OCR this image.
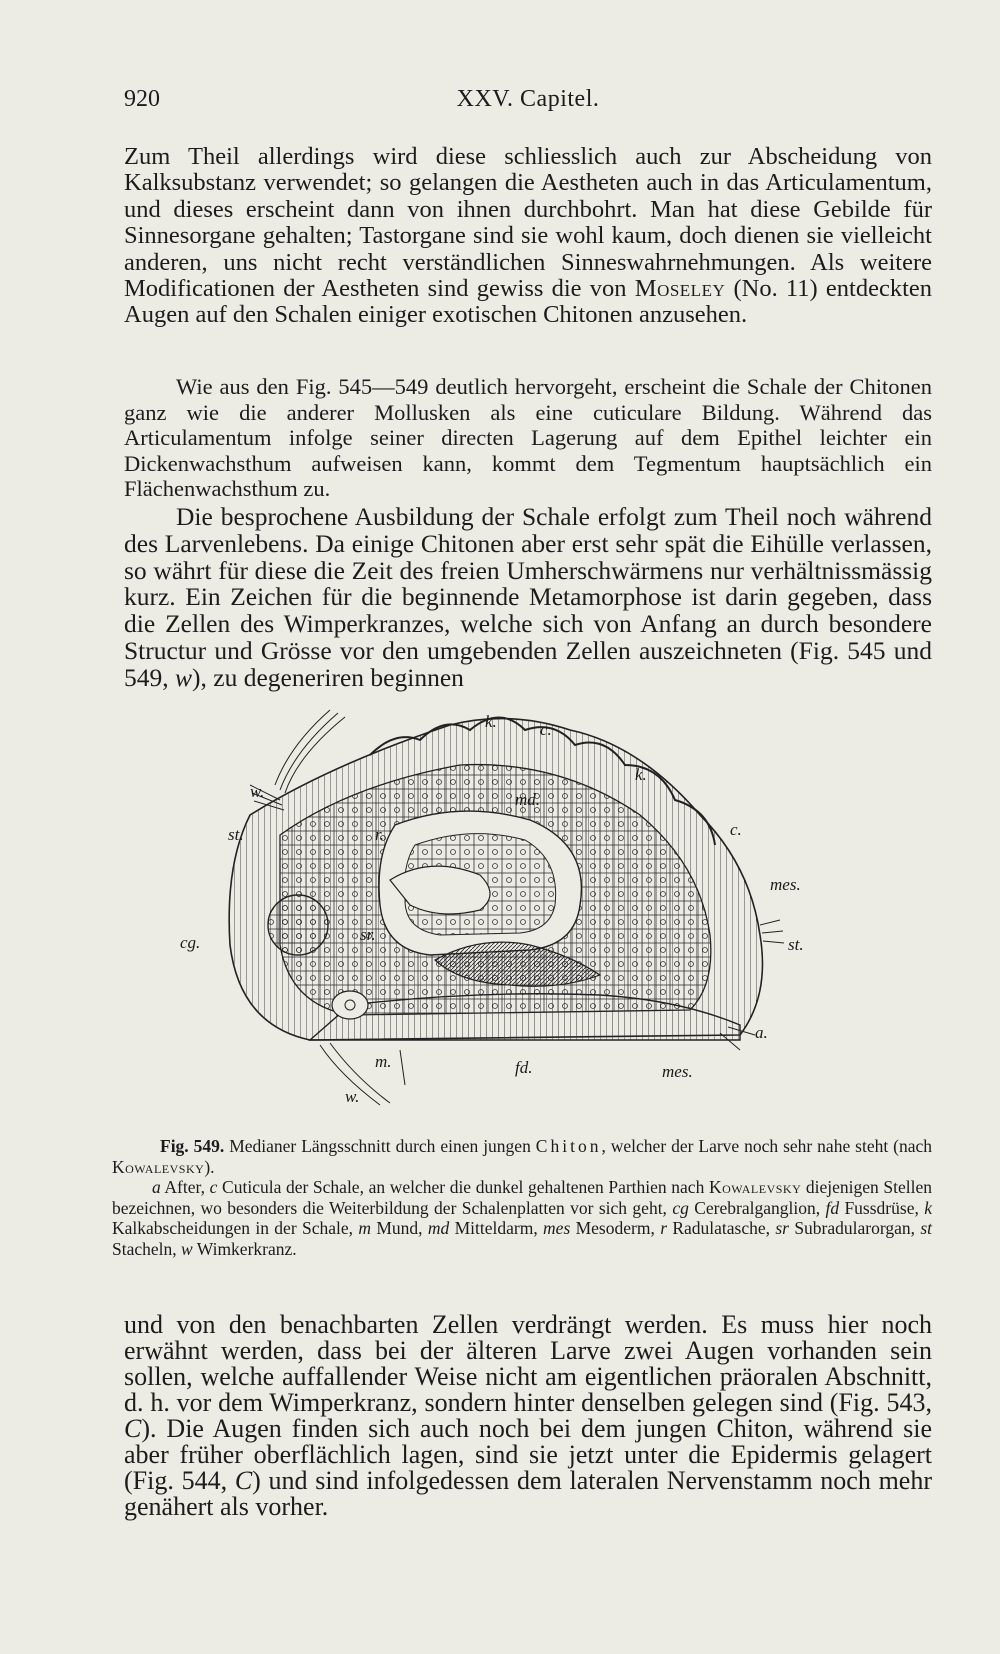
920	XXV. Capitel.

Zum Theil allerdings wird diese schliesslich auch zur Abscheidung von Kalksubstanz verwendet; so gelangen die Aestheten auch in das Articulamentum, und dieses erscheint dann von ihnen durchbohrt. Man hat diese Gebilde für Sinnesorgane gehalten; Tastorgane sind sie wohl kaum, doch dienen sie vielleicht anderen, uns nicht recht verständlichen Sinneswahrnehmungen. Als weitere Modificationen der Aestheten sind gewiss die von Moseley (No. 11) entdeckten Augen auf den Schalen einiger exotischen Chitonen anzusehen.

Wie aus den Fig. 545—549 deutlich hervorgeht, erscheint die Schale der Chitonen ganz wie die anderer Mollusken als eine cuticulare Bildung. Während das Articulamentum infolge seiner directen Lagerung auf dem Epithel leichter ein Dickenwachsthum aufweisen kann, kommt dem Tegmentum hauptsächlich ein Flächenwachsthum zu.

Die besprochene Ausbildung der Schale erfolgt zum Theil noch während des Larvenlebens. Da einige Chitonen aber erst sehr spät die Eihülle verlassen, so währt für diese die Zeit des freien Umherschwärmens nur verhältnissmässig kurz. Ein Zeichen für die beginnende Metamorphose ist darin gegeben, dass die Zellen des Wimperkranzes, welche sich von Anfang an durch besondere Structur und Grösse vor den umgebenden Zellen auszeichneten (Fig. 545 und 549, w), zu degeneriren beginnen

k.	c.
k.
w.	md.
st.	r.	c.
mes.
cg.	sr.
st.
a.
m.	fd.	mes.
w.
Fig. 549. Medianer Längsschnitt durch einen jungen Chiton, welcher der Larve noch sehr nahe steht (nach Kowalevsky).
a After, c Cuticula der Schale, an welcher die dunkel gehaltenen Parthien nach Kowalevsky diejenigen Stellen bezeichnen, wo besonders die Weiterbildung der Schalenplatten vor sich geht, cg Cerebralganglion, fd Fussdrüse, k Kalkabscheidungen in der Schale, m Mund, md Mitteldarm, mes Mesoderm, r Radulatasche, sr Subradularorgan, st Stacheln, w Wimkerkranz.

und von den benachbarten Zellen verdrängt werden. Es muss hier noch erwähnt werden, dass bei der älteren Larve zwei Augen vorhanden sein sollen, welche auffallender Weise nicht am eigentlichen präoralen Abschnitt, d. h. vor dem Wimperkranz, sondern hinter denselben gelegen sind (Fig. 543, C). Die Augen finden sich auch noch bei dem jungen Chiton, während sie aber früher oberflächlich lagen, sind sie jetzt unter die Epidermis gelagert (Fig. 544, C) und sind infolgedessen dem lateralen Nervenstamm noch mehr genähert als vorher.
